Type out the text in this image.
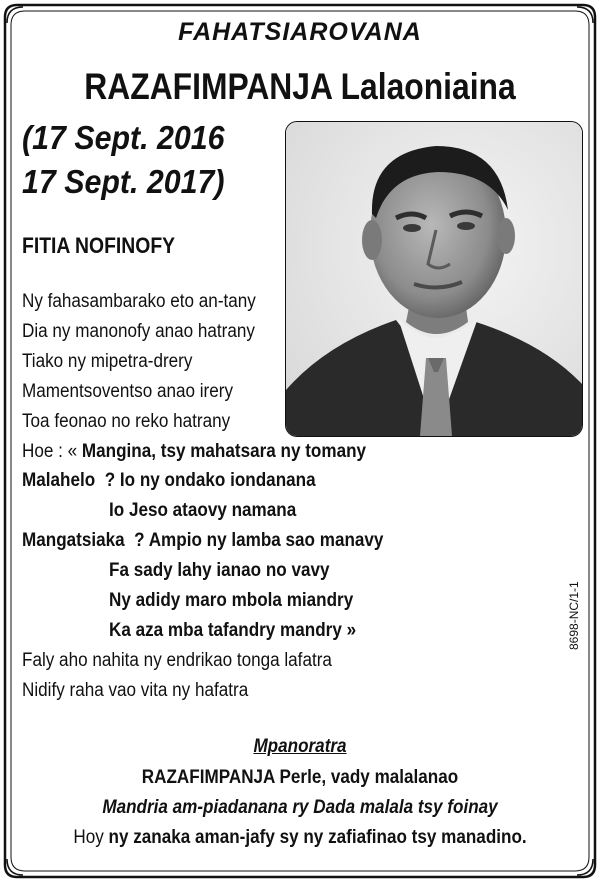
FAHATSIAROVANA
RAZAFIMPANJA Lalaoniaina
(17 Sept. 2016
17 Sept. 2017)
FITIA NOFINOFY
Ny fahasambarako eto an-tany
Dia ny manonofy anao hatrany
Tiako ny mipetra-drery
Mamentsoventso anao irery
Toa feonao no reko hatrany
Hoe : « Mangina, tsy mahatsara ny tomany
Malahelo ? Io ny ondako iondanana
Io Jeso ataovy namana
Mangatsiaka ? Ampio ny lamba sao manavy
Fa sady lahy ianao no vavy
Ny adidy maro mbola miandry
Ka aza mba tafandry mandry »
Faly aho nahita ny endrikao tonga lafatra
Nidify raha vao vita ny hafatra
Mpanoratra
RAZAFIMPANJA Perle, vady malalanao
Mandria am-piadanana ry Dada malala tsy foinay
Hoy ny zanaka aman-jafy sy ny zafiafinao tsy manadino.
8698-NC/1-1
